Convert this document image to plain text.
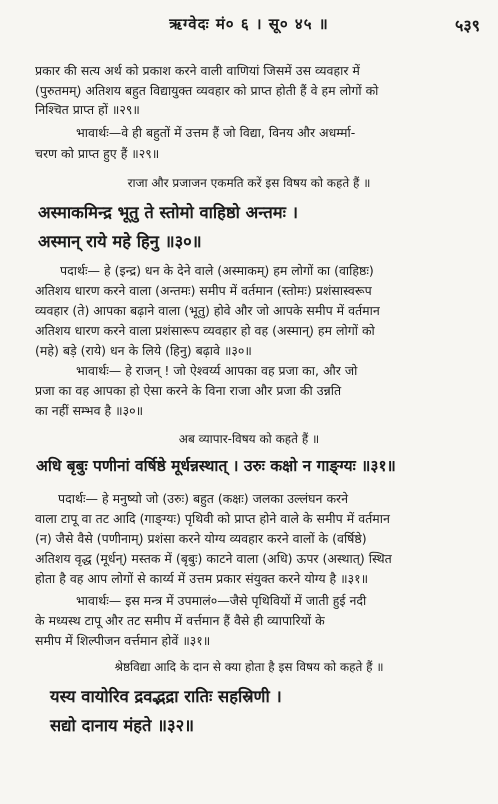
ऋग्वेदः मं० ६ । सू० ४५ ॥	५३९
प्रकार की सत्य अर्थ को प्रकाश करने वाली वाणियां जिसमें उस व्यवहार में
(पुरुतमम्) अतिशय बहुत विद्यायुक्त व्यवहार को प्राप्त होती हैं वे हम लोगों को
निश्चित प्राप्त हों ॥२९॥
भावार्थः—वे ही बहुतों में उत्तम हैं जो विद्या, विनय और अधर्म्मा-
चरण को प्राप्त हुए हैं ॥२९॥
राजा और प्रजाजन एकमति करें इस विषय को कहते हैं ॥
अस्माकमिन्द्र भूतु ते स्तोमो वाहिष्ठो अन्तमः ।
अस्मान् राये महे हिनु ॥३०॥
पदार्थः— हे (इन्द्र) धन के देने वाले (अस्माकम्) हम लोगों का (वाहिष्ठः)
अतिशय धारण करने वाला (अन्तमः) समीप में वर्तमान (स्तोमः) प्रशंसास्वरूप
व्यवहार (ते) आपका बढ़ाने वाला (भूतु) होवे और जो आपके समीप में वर्तमान
अतिशय धारण करने वाला प्रशंसारूप व्यवहार हो वह (अस्मान्) हम लोगों को
(महे) बड़े (राये) धन के लिये (हिनु) बढ़ावे ॥३०॥
भावार्थः— हे राजन् ! जो ऐश्वर्य्य आपका वह प्रजा का, और जो
प्रजा का वह आपका हो ऐसा करने के विना राजा और प्रजा की उन्नति
का नहीं सम्भव है ॥३०॥
अब व्यापार-विषय को कहते हैं ॥
अधि बृबुः पणीनां वर्षिष्ठे मूर्धन्नस्थात् । उरुः कक्षो न गाङ्ग्यः ॥३१॥
पदार्थः— हे मनुष्यो जो (उरुः) बहुत (कक्षः) जलका उल्लंघन करने
वाला टापू वा तट आदि (गाङ्ग्यः) पृथिवी को प्राप्त होने वाले के समीप में वर्तमान
(न) जैसे वैसे (पणीनाम्) प्रशंसा करने योग्य व्यवहार करने वालों के (वर्षिष्ठे)
अतिशय वृद्ध (मूर्धन्) मस्तक में (बृबुः) काटने वाला (अधि) ऊपर (अस्थात्) स्थित
होता है वह आप लोगों से कार्य्य में उत्तम प्रकार संयुक्त करने योग्य है ॥३१॥
भावार्थः— इस मन्त्र में उपमालं०—जैसे पृथिवियों में जाती हुई नदी
के मध्यस्थ टापू और तट समीप में वर्त्तमान हैं वैसे ही व्यापारियों के
समीप में शिल्पीजन वर्त्तमान होवें ॥३१॥
श्रेष्ठविद्या आदि के दान से क्या होता है इस विषय को कहते हैं ॥
यस्य वायोरिव द्रवद्भद्रा रातिः सहस्रिणी ।
सद्यो दानाय मंहते ॥३२॥
